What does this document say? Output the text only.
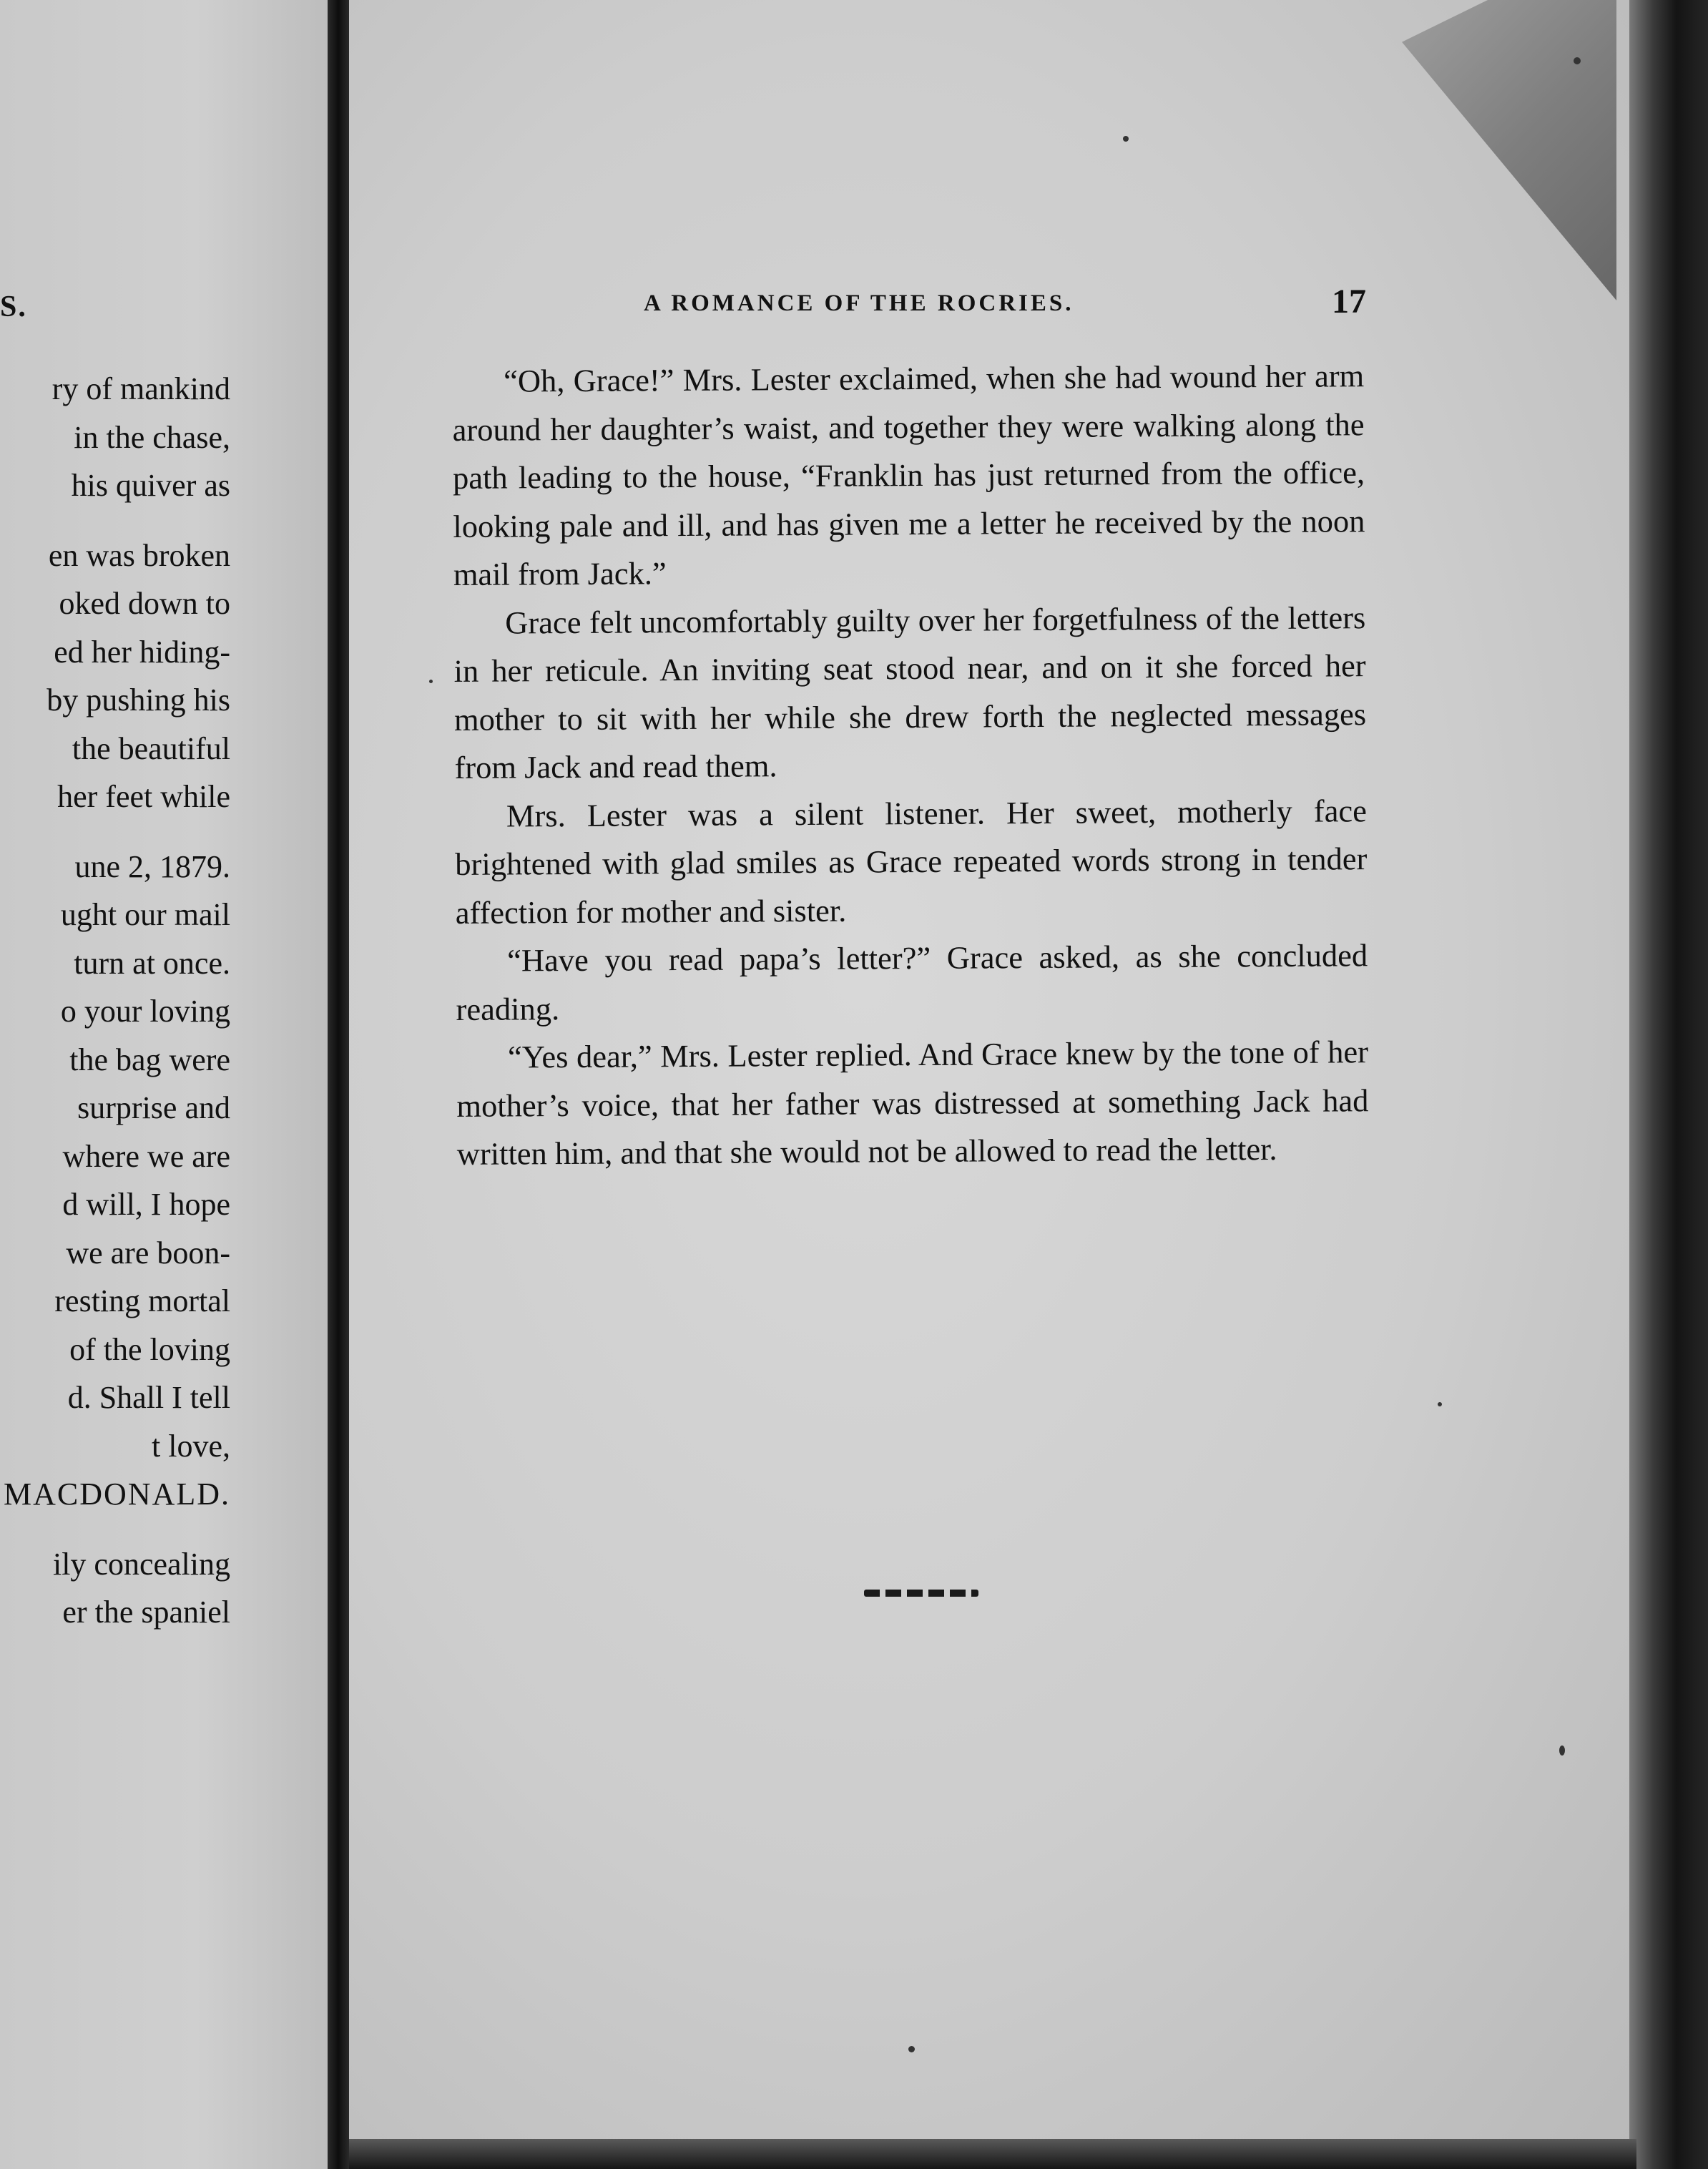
S.
ry of mankind
in the chase,
his quiver as
en was broken
oked down to
ed her hiding-
by pushing his
the beautiful
her feet while
une 2, 1879.
ught our mail
turn at once.
o your loving
the bag were
surprise and
where we are
d will, I hope
we are boon-
resting mortal
of the loving
d. Shall I tell
t love,
MACDONALD.
ily concealing
er the spaniel
A ROMANCE OF THE ROCRIES.	17

“Oh, Grace!” Mrs. Lester exclaimed, when she had wound her arm around her daughter’s waist, and together they were walking along the path leading to the house, “Franklin has just returned from the office, looking pale and ill, and has given me a letter he received by the noon mail from Jack.”

Grace felt uncomfortably guilty over her forgetfulness of the letters in her reticule. An inviting seat stood near, and on it she forced her mother to sit with her while she drew forth the neglected messages from Jack and read them.

Mrs. Lester was a silent listener. Her sweet, motherly face brightened with glad smiles as Grace repeated words strong in tender affection for mother and sister.

“Have you read papa’s letter?” Grace asked, as she concluded reading.

“Yes dear,” Mrs. Lester replied. And Grace knew by the tone of her mother’s voice, that her father was distressed at something Jack had written him, and that she would not be allowed to read the letter.
